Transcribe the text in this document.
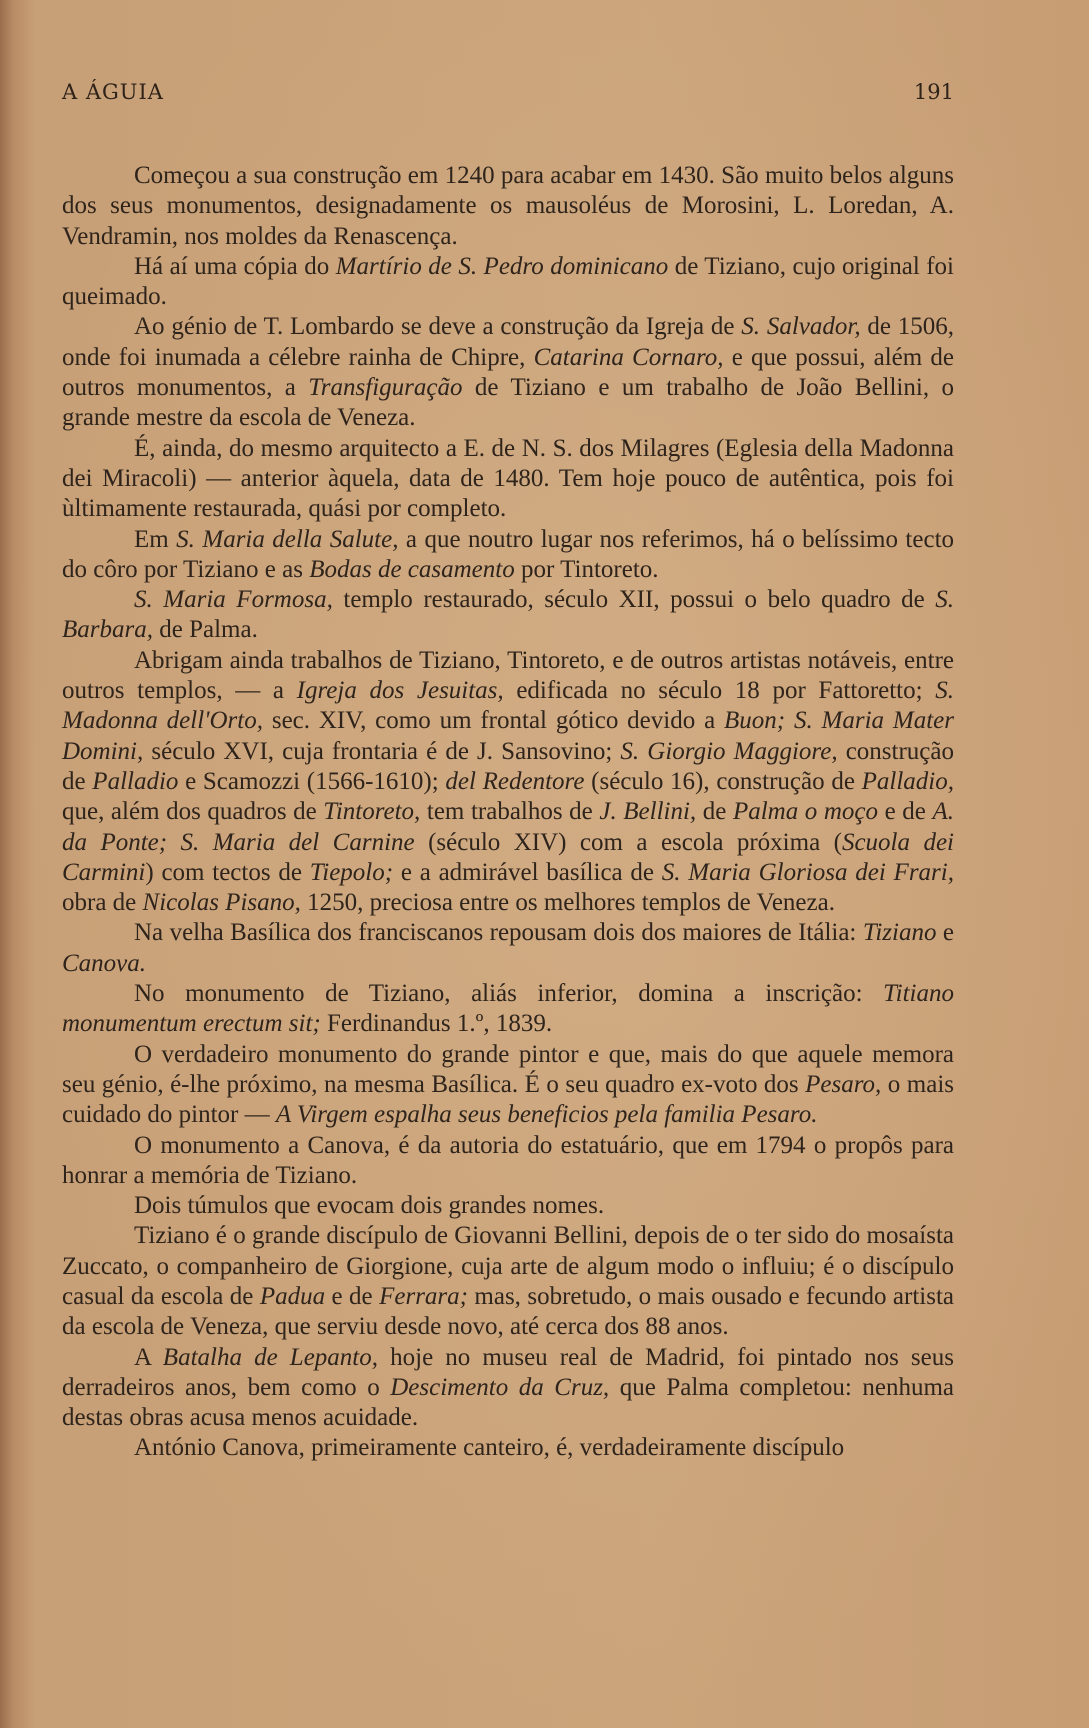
A ÁGUIA	191

Começou a sua construção em 1240 para acabar em 1430. São muito belos alguns dos seus monumentos, designadamente os mausoléus de Morosini, L. Loredan, A. Vendramin, nos moldes da Renascença.

Há aí uma cópia do Martírio de S. Pedro dominicano de Tiziano, cujo original foi queimado.

Ao génio de T. Lombardo se deve a construção da Igreja de S. Salvador, de 1506, onde foi inumada a célebre rainha de Chipre, Catarina Cornaro, e que possui, além de outros monumentos, a Transfiguração de Tiziano e um trabalho de João Bellini, o grande mestre da escola de Veneza.

É, ainda, do mesmo arquitecto a E. de N. S. dos Milagres (Eglesia della Madonna dei Miracoli) — anterior àquela, data de 1480. Tem hoje pouco de autêntica, pois foi ùltimamente restaurada, quási por completo.

Em S. Maria della Salute, a que noutro lugar nos referimos, há o belíssimo tecto do côro por Tiziano e as Bodas de casamento por Tintoreto.

S. Maria Formosa, templo restaurado, século XII, possui o belo quadro de S. Barbara, de Palma.

Abrigam ainda trabalhos de Tiziano, Tintoreto, e de outros artistas notáveis, entre outros templos, — a Igreja dos Jesuitas, edificada no século 18 por Fattoretto; S. Madonna dell'Orto, sec. XIV, como um frontal gótico devido a Buon; S. Maria Mater Domini, século XVI, cuja frontaria é de J. Sansovino; S. Giorgio Maggiore, construção de Palladio e Scamozzi (1566-1610); del Redentore (século 16), construção de Palladio, que, além dos quadros de Tintoreto, tem trabalhos de J. Bellini, de Palma o moço e de A. da Ponte; S. Maria del Carnine (século XIV) com a escola próxima (Scuola dei Carmini) com tectos de Tiepolo; e a admirável basílica de S. Maria Gloriosa dei Frari, obra de Nicolas Pisano, 1250, preciosa entre os melhores templos de Veneza.

Na velha Basílica dos franciscanos repousam dois dos maiores de Itália: Tiziano e Canova.

No monumento de Tiziano, aliás inferior, domina a inscrição: Titiano monumentum erectum sit; Ferdinandus 1.º, 1839.

O verdadeiro monumento do grande pintor e que, mais do que aquele memora seu génio, é-lhe próximo, na mesma Basílica. É o seu quadro ex-voto dos Pesaro, o mais cuidado do pintor — A Virgem espalha seus beneficios pela familia Pesaro.

O monumento a Canova, é da autoria do estatuário, que em 1794 o propôs para honrar a memória de Tiziano.

Dois túmulos que evocam dois grandes nomes.

Tiziano é o grande discípulo de Giovanni Bellini, depois de o ter sido do mosaísta Zuccato, o companheiro de Giorgione, cuja arte de algum modo o influiu; é o discípulo casual da escola de Padua e de Ferrara; mas, sobretudo, o mais ousado e fecundo artista da escola de Veneza, que serviu desde novo, até cerca dos 88 anos.

A Batalha de Lepanto, hoje no museu real de Madrid, foi pintado nos seus derradeiros anos, bem como o Descimento da Cruz, que Palma completou: nenhuma destas obras acusa menos acuidade.

António Canova, primeiramente canteiro, é, verdadeiramente discípulo
